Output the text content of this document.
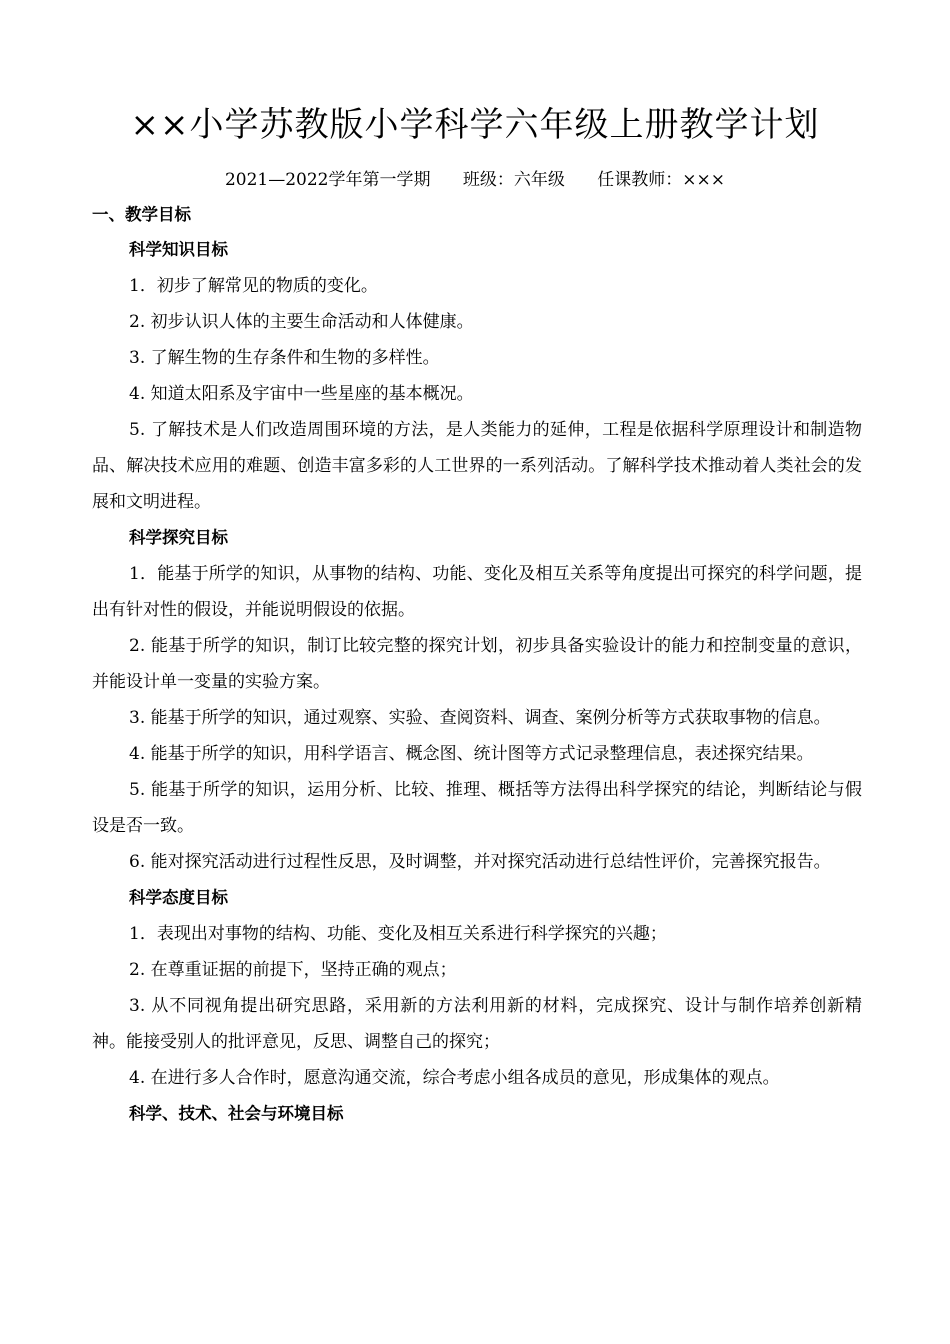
××小学苏教版小学科学六年级上册教学计划
2021—2022学年第一学期      班级：六年级      任课教师：×××

一、教学目标

科学知识目标

1．初步了解常见的物质的变化。

2. 初步认识人体的主要生命活动和人体健康。

3. 了解生物的生存条件和生物的多样性。

4. 知道太阳系及宇宙中一些星座的基本概况。

5. 了解技术是人们改造周围环境的方法，是人类能力的延伸，工程是依据科学原理设计和制造物品、解决技术应用的难题、创造丰富多彩的人工世界的一系列活动。了解科学技术推动着人类社会的发展和文明进程。

科学探究目标

1．能基于所学的知识，从事物的结构、功能、变化及相互关系等角度提出可探究的科学问题，提出有针对性的假设，并能说明假设的依据。

2. 能基于所学的知识，制订比较完整的探究计划，初步具备实验设计的能力和控制变量的意识，并能设计单一变量的实验方案。

3. 能基于所学的知识，通过观察、实验、查阅资料、调查、案例分析等方式获取事物的信息。

4. 能基于所学的知识，用科学语言、概念图、统计图等方式记录整理信息，表述探究结果。

5. 能基于所学的知识，运用分析、比较、推理、概括等方法得出科学探究的结论，判断结论与假设是否一致。

6. 能对探究活动进行过程性反思，及时调整，并对探究活动进行总结性评价，完善探究报告。

科学态度目标

1．表现出对事物的结构、功能、变化及相互关系进行科学探究的兴趣；

2. 在尊重证据的前提下，坚持正确的观点；

3. 从不同视角提出研究思路，采用新的方法利用新的材料，完成探究、设计与制作培养创新精神。能接受别人的批评意见，反思、调整自己的探究；

4. 在进行多人合作时，愿意沟通交流，综合考虑小组各成员的意见，形成集体的观点。

科学、技术、社会与环境目标
